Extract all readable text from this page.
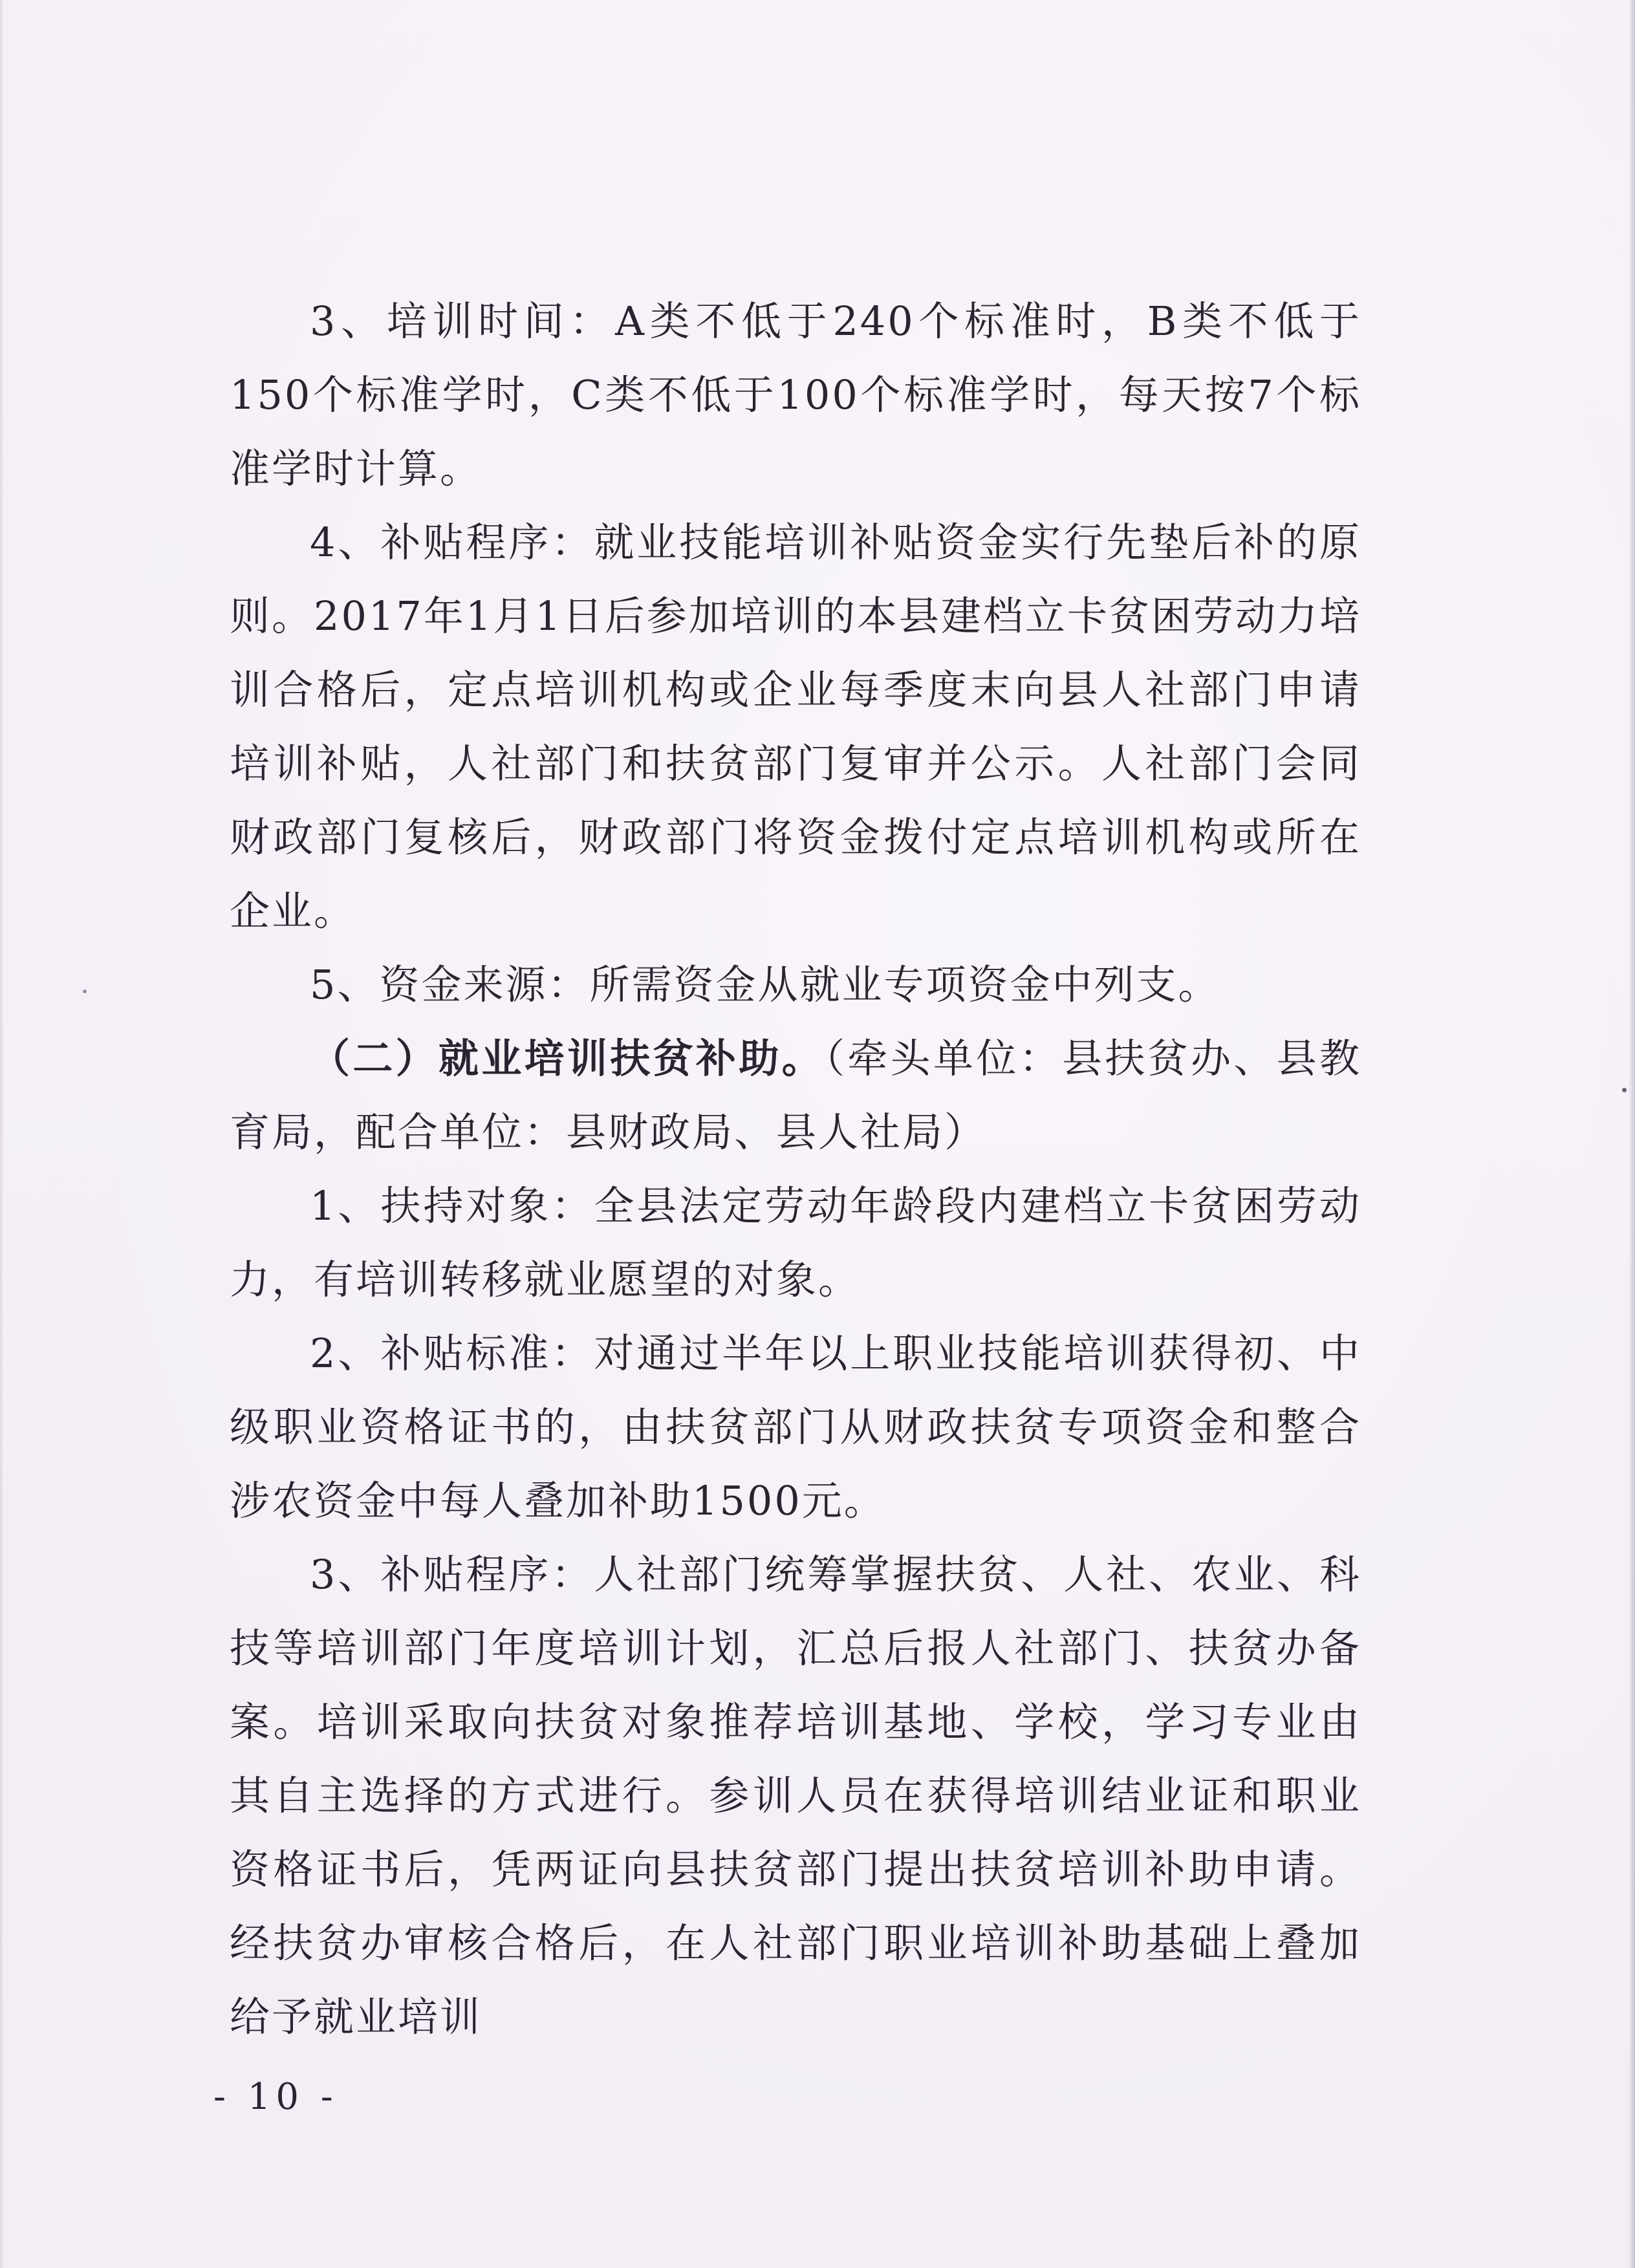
3、培训时间：A类不低于240个标准时，B类不低于150个标准学时，C类不低于100个标准学时，每天按7个标准学时计算。

4、补贴程序：就业技能培训补贴资金实行先垫后补的原则。2017年1月1日后参加培训的本县建档立卡贫困劳动力培训合格后，定点培训机构或企业每季度末向县人社部门申请培训补贴，人社部门和扶贫部门复审并公示。人社部门会同财政部门复核后，财政部门将资金拨付定点培训机构或所在企业。

5、资金来源：所需资金从就业专项资金中列支。

（二）就业培训扶贫补助。（牵头单位：县扶贫办、县教育局，配合单位：县财政局、县人社局）

1、扶持对象：全县法定劳动年龄段内建档立卡贫困劳动力，有培训转移就业愿望的对象。

2、补贴标准：对通过半年以上职业技能培训获得初、中级职业资格证书的，由扶贫部门从财政扶贫专项资金和整合涉农资金中每人叠加补助1500元。

3、补贴程序：人社部门统筹掌握扶贫、人社、农业、科技等培训部门年度培训计划，汇总后报人社部门、扶贫办备案。培训采取向扶贫对象推荐培训基地、学校，学习专业由其自主选择的方式进行。参训人员在获得培训结业证和职业资格证书后，凭两证向县扶贫部门提出扶贫培训补助申请。经扶贫办审核合格后，在人社部门职业培训补助基础上叠加给予就业培训

- 10 -
